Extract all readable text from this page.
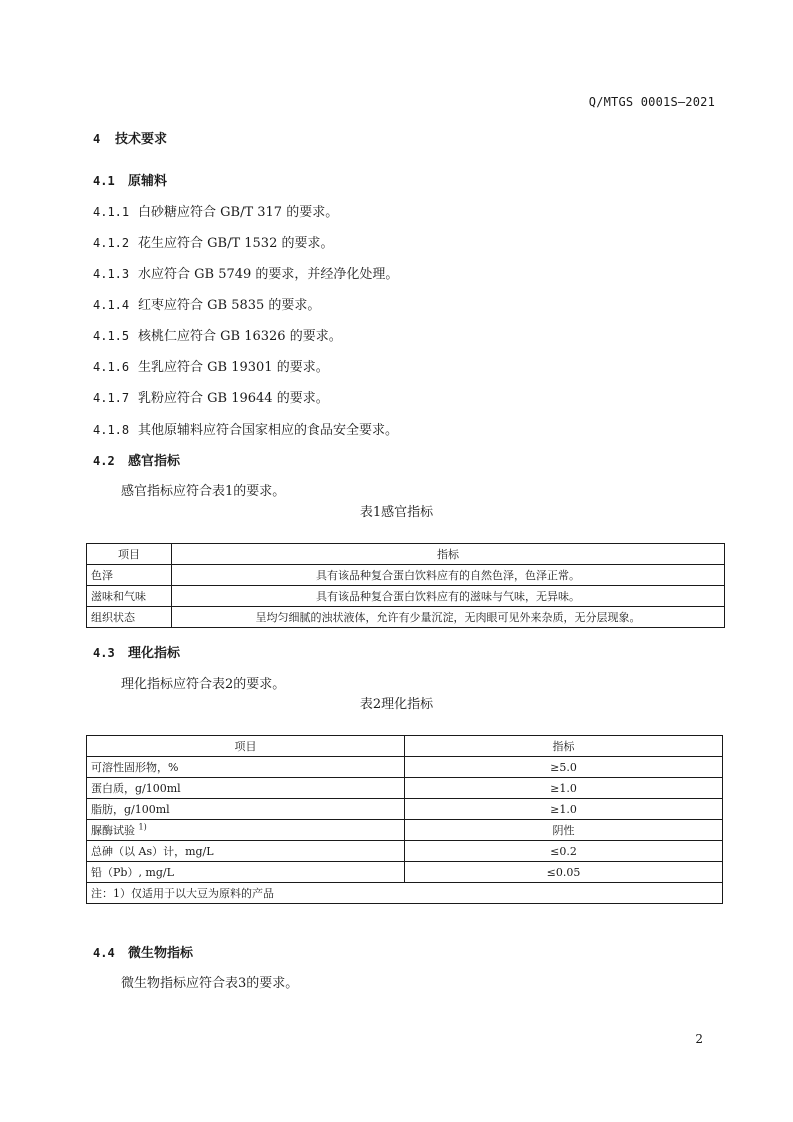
Q/MTGS 0001S—2021
4 技术要求
4.1 原辅料
4.1.1 白砂糖应符合 GB/T 317 的要求。
4.1.2 花生应符合 GB/T 1532 的要求。
4.1.3 水应符合 GB 5749 的要求，并经净化处理。
4.1.4 红枣应符合 GB 5835 的要求。
4.1.5 核桃仁应符合 GB 16326 的要求。
4.1.6 生乳应符合 GB 19301 的要求。
4.1.7 乳粉应符合 GB 19644 的要求。
4.1.8 其他原辅料应符合国家相应的食品安全要求。
4.2 感官指标
感官指标应符合表1的要求。
表1感官指标
项目	指标
色泽	具有该品种复合蛋白饮料应有的自然色泽，色泽正常。
滋味和气味	具有该品种复合蛋白饮料应有的滋味与气味，无异味。
组织状态	呈均匀细腻的浊状液体，允许有少量沉淀，无肉眼可见外来杂质，无分层现象。
4.3 理化指标
理化指标应符合表2的要求。
表2理化指标
项目	指标
可溶性固形物，%	≥5.0
蛋白质，g/100ml	≥1.0
脂肪，g/100ml	≥1.0
脲酶试验 $^{1)}$	阴性
总砷（以 As）计，mg/L	≤0.2
铅（Pb）, mg/L	≤0.05
注：1）仅适用于以大豆为原料的产品	
4.4 微生物指标
微生物指标应符合表3的要求。
2
